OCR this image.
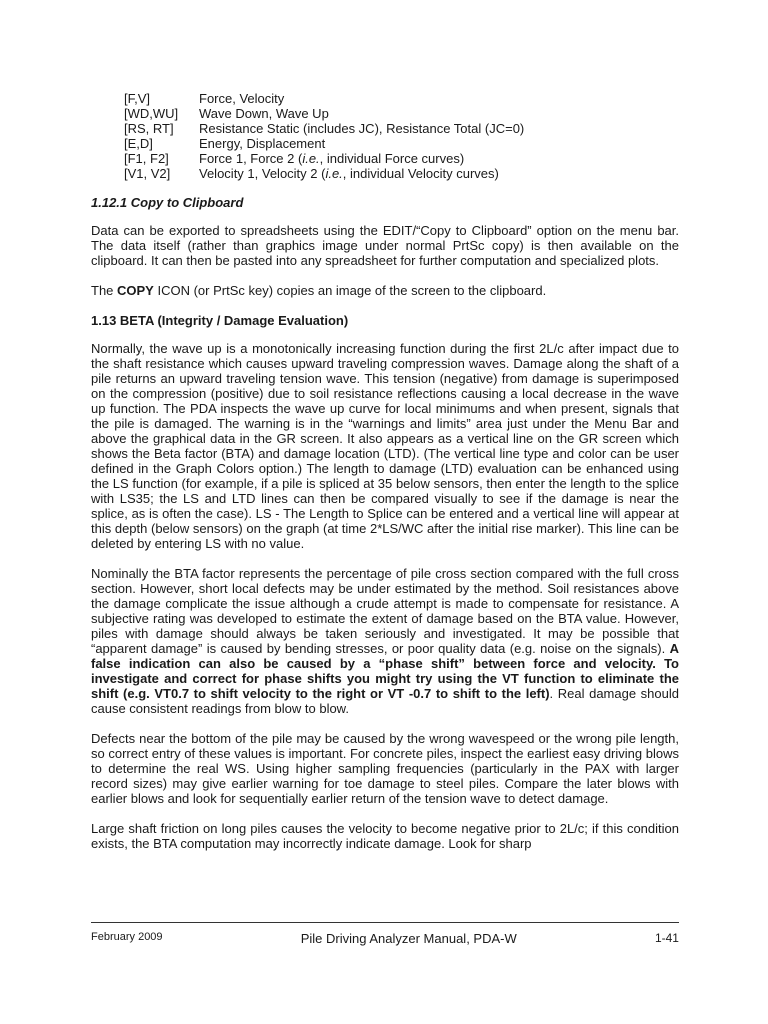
[F,V]	Force, Velocity
[WD,WU]	Wave Down, Wave Up
[RS, RT]	Resistance Static (includes JC), Resistance Total (JC=0)
[E,D]	Energy, Displacement
[F1, F2]	Force 1, Force 2 (i.e., individual Force curves)
[V1, V2]	Velocity 1, Velocity 2 (i.e., individual Velocity curves)
1.12.1 Copy to Clipboard

Data can be exported to spreadsheets using the EDIT/“Copy to Clipboard” option on the menu bar. The data itself (rather than graphics image under normal PrtSc copy) is then available on the clipboard. It can then be pasted into any spreadsheet for further computation and specialized plots.

The COPY ICON (or PrtSc key) copies an image of the screen to the clipboard.

1.13 BETA (Integrity / Damage Evaluation)

Normally, the wave up is a monotonically increasing function during the first 2L/c after impact due to the shaft resistance which causes upward traveling compression waves. Damage along the shaft of a pile returns an upward traveling tension wave. This tension (negative) from damage is superimposed on the compression (positive) due to soil resistance reflections causing a local decrease in the wave up function. The PDA inspects the wave up curve for local minimums and when present, signals that the pile is damaged. The warning is in the “warnings and limits” area just under the Menu Bar and above the graphical data in the GR screen. It also appears as a vertical line on the GR screen which shows the Beta factor (BTA) and damage location (LTD). (The vertical line type and color can be user defined in the Graph Colors option.) The length to damage (LTD) evaluation can be enhanced using the LS function (for example, if a pile is spliced at 35 below sensors, then enter the length to the splice with LS35; the LS and LTD lines can then be compared visually to see if the damage is near the splice, as is often the case). LS - The Length to Splice can be entered and a vertical line will appear at this depth (below sensors) on the graph (at time 2*LS/WC after the initial rise marker). This line can be deleted by entering LS with no value.

Nominally the BTA factor represents the percentage of pile cross section compared with the full cross section. However, short local defects may be under estimated by the method. Soil resistances above the damage complicate the issue although a crude attempt is made to compensate for resistance. A subjective rating was developed to estimate the extent of damage based on the BTA value. However, piles with damage should always be taken seriously and investigated. It may be possible that “apparent damage” is caused by bending stresses, or poor quality data (e.g. noise on the signals). A false indication can also be caused by a “phase shift” between force and velocity. To investigate and correct for phase shifts you might try using the VT function to eliminate the shift (e.g. VT0.7 to shift velocity to the right or VT -0.7 to shift to the left). Real damage should cause consistent readings from blow to blow.

Defects near the bottom of the pile may be caused by the wrong wavespeed or the wrong pile length, so correct entry of these values is important. For concrete piles, inspect the earliest easy driving blows to determine the real WS. Using higher sampling frequencies (particularly in the PAX with larger record sizes) may give earlier warning for toe damage to steel piles. Compare the later blows with earlier blows and look for sequentially earlier return of the tension wave to detect damage.

Large shaft friction on long piles causes the velocity to become negative prior to 2L/c; if this condition exists, the BTA computation may incorrectly indicate damage. Look for sharp

February 2009	Pile Driving Analyzer Manual, PDA-W	1-41
